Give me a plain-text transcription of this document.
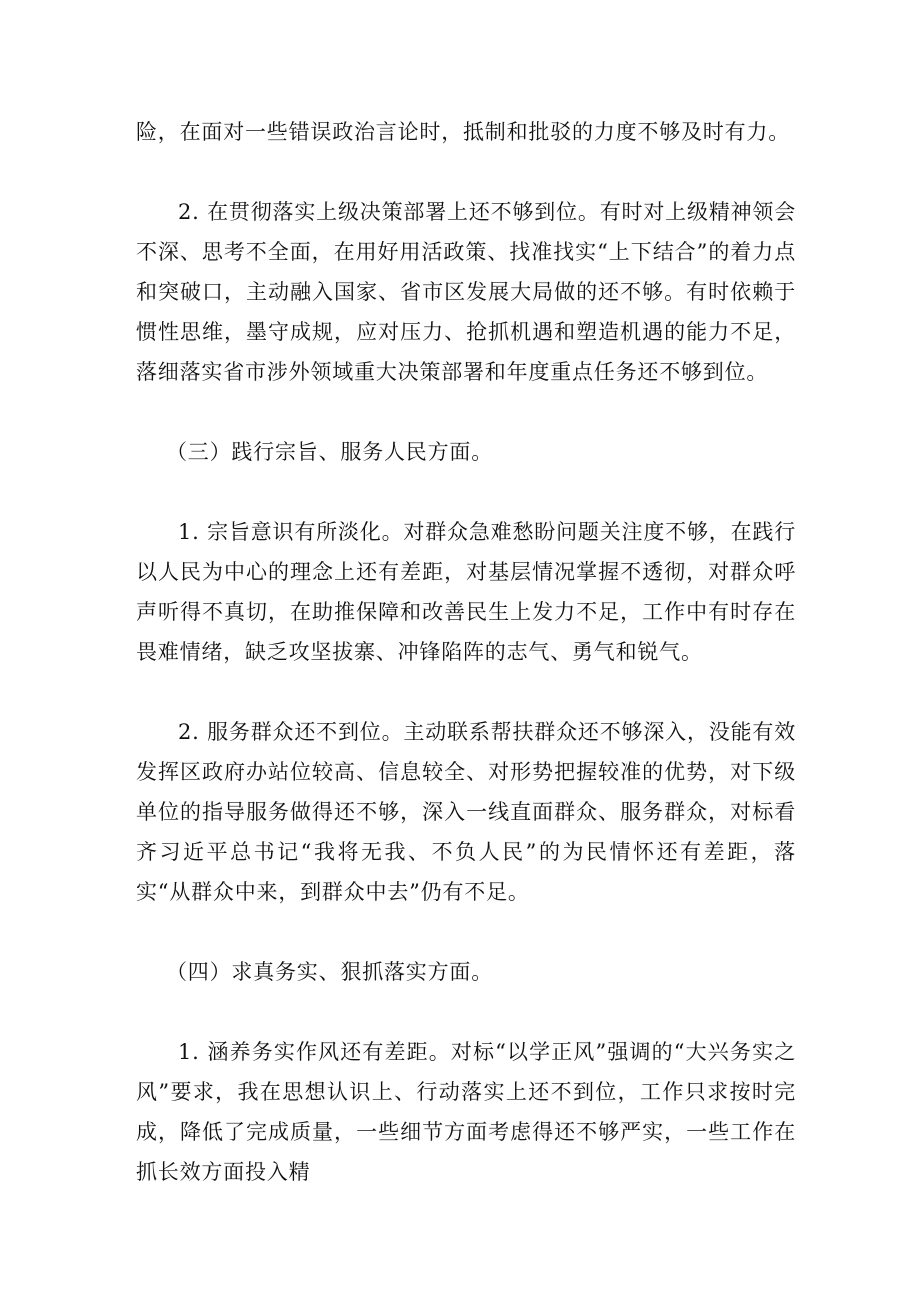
险，在面对一些错误政治言论时，抵制和批驳的力度不够及时有力。

2. 在贯彻落实上级决策部署上还不够到位。有时对上级精神领会不深、思考不全面，在用好用活政策、找准找实“上下结合”的着力点和突破口，主动融入国家、省市区发展大局做的还不够。有时依赖于惯性思维，墨守成规，应对压力、抢抓机遇和塑造机遇的能力不足，落细落实省市涉外领域重大决策部署和年度重点任务还不够到位。

（三）践行宗旨、服务人民方面。

1. 宗旨意识有所淡化。对群众急难愁盼问题关注度不够，在践行以人民为中心的理念上还有差距，对基层情况掌握不透彻，对群众呼声听得不真切，在助推保障和改善民生上发力不足，工作中有时存在畏难情绪，缺乏攻坚拔寨、冲锋陷阵的志气、勇气和锐气。

2. 服务群众还不到位。主动联系帮扶群众还不够深入，没能有效发挥区政府办站位较高、信息较全、对形势把握较准的优势，对下级单位的指导服务做得还不够，深入一线直面群众、服务群众，对标看齐习近平总书记“我将无我、不负人民”的为民情怀还有差距，落实“从群众中来，到群众中去”仍有不足。

（四）求真务实、狠抓落实方面。

1. 涵养务实作风还有差距。对标“以学正风”强调的“大兴务实之风”要求，我在思想认识上、行动落实上还不到位，工作只求按时完成，降低了完成质量，一些细节方面考虑得还不够严实，一些工作在抓长效方面投入精
